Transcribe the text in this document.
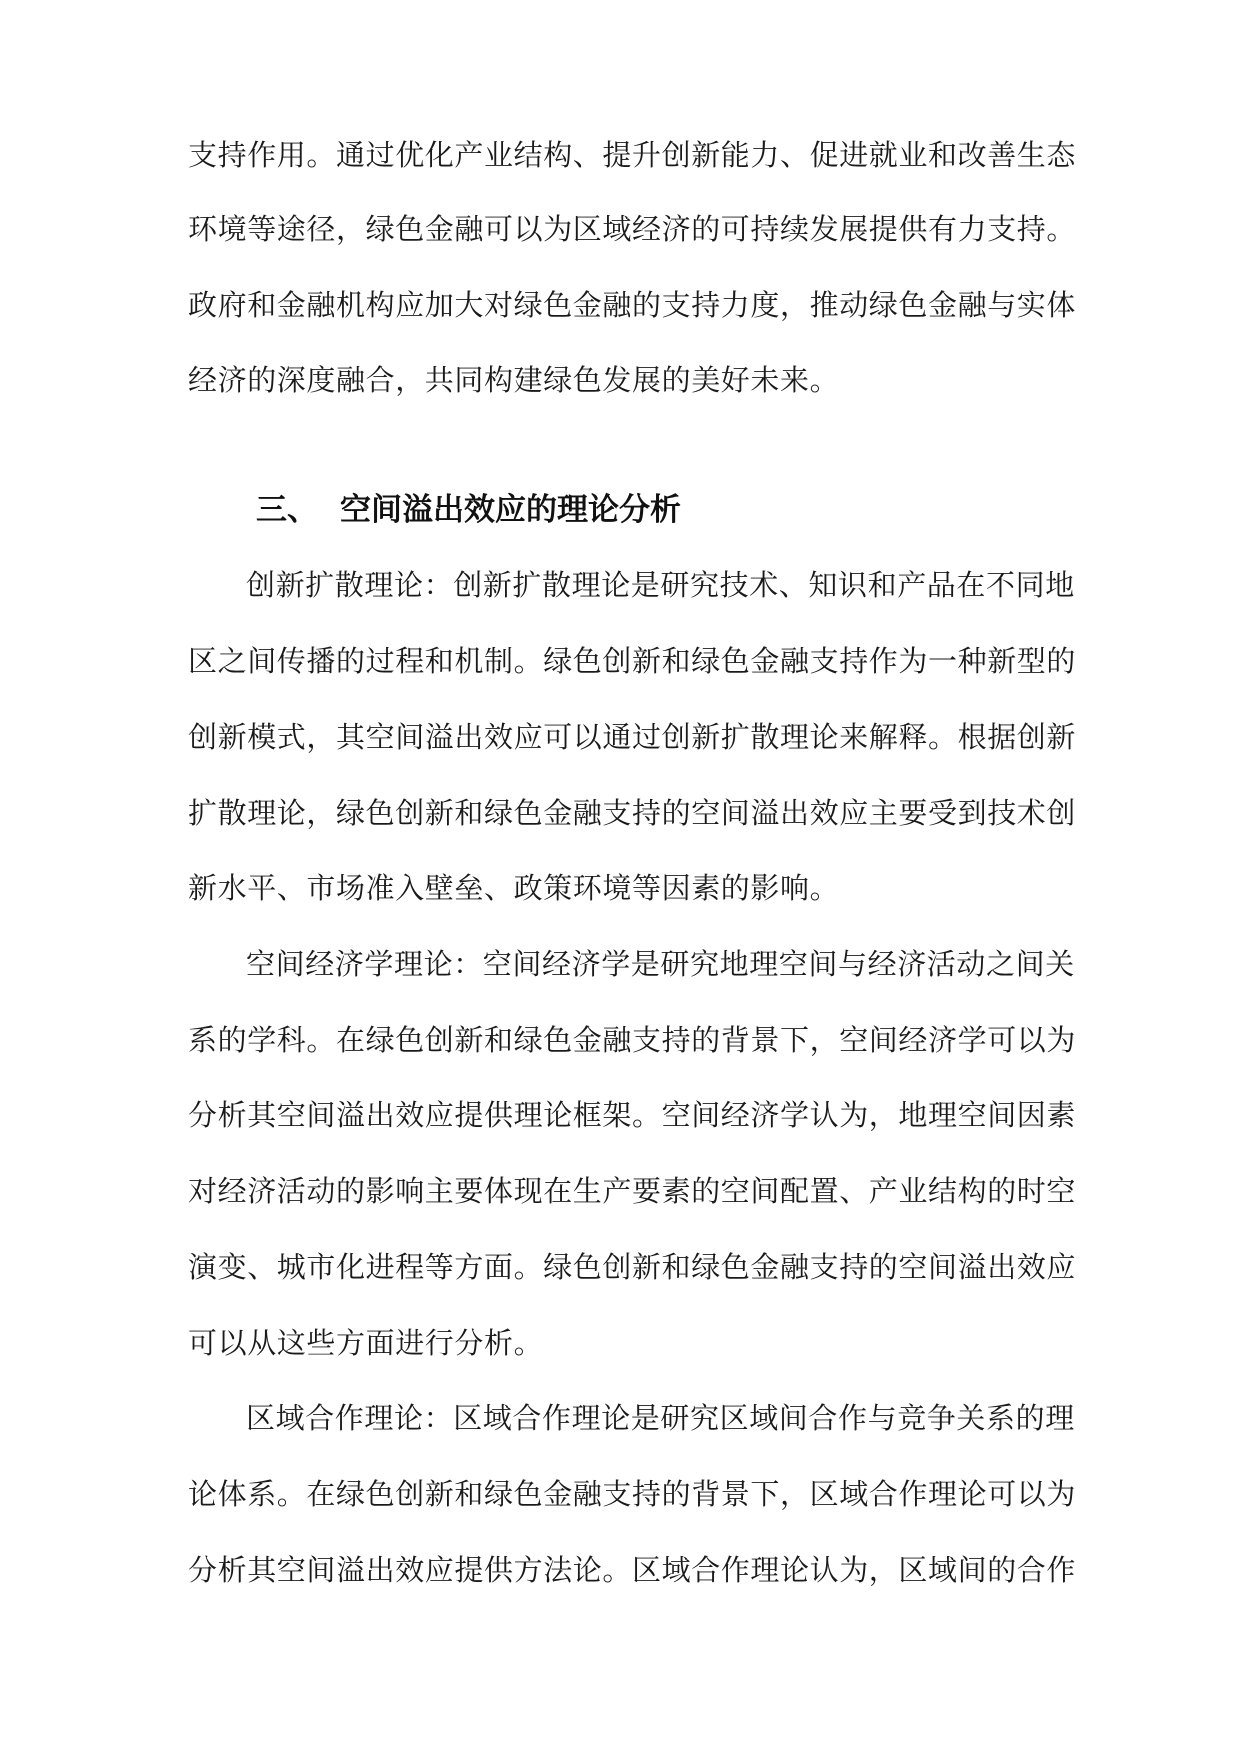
支持作用。通过优化产业结构、提升创新能力、促进就业和改善生态
环境等途径，绿色金融可以为区域经济的可持续发展提供有力支持。
政府和金融机构应加大对绿色金融的支持力度，推动绿色金融与实体
经济的深度融合，共同构建绿色发展的美好未来。
三、 空间溢出效应的理论分析
创新扩散理论：创新扩散理论是研究技术、知识和产品在不同地
区之间传播的过程和机制。绿色创新和绿色金融支持作为一种新型的
创新模式，其空间溢出效应可以通过创新扩散理论来解释。根据创新
扩散理论，绿色创新和绿色金融支持的空间溢出效应主要受到技术创
新水平、市场准入壁垒、政策环境等因素的影响。
空间经济学理论：空间经济学是研究地理空间与经济活动之间关
系的学科。在绿色创新和绿色金融支持的背景下，空间经济学可以为
分析其空间溢出效应提供理论框架。空间经济学认为，地理空间因素
对经济活动的影响主要体现在生产要素的空间配置、产业结构的时空
演变、城市化进程等方面。绿色创新和绿色金融支持的空间溢出效应
可以从这些方面进行分析。
区域合作理论：区域合作理论是研究区域间合作与竞争关系的理
论体系。在绿色创新和绿色金融支持的背景下，区域合作理论可以为
分析其空间溢出效应提供方法论。区域合作理论认为，区域间的合作
